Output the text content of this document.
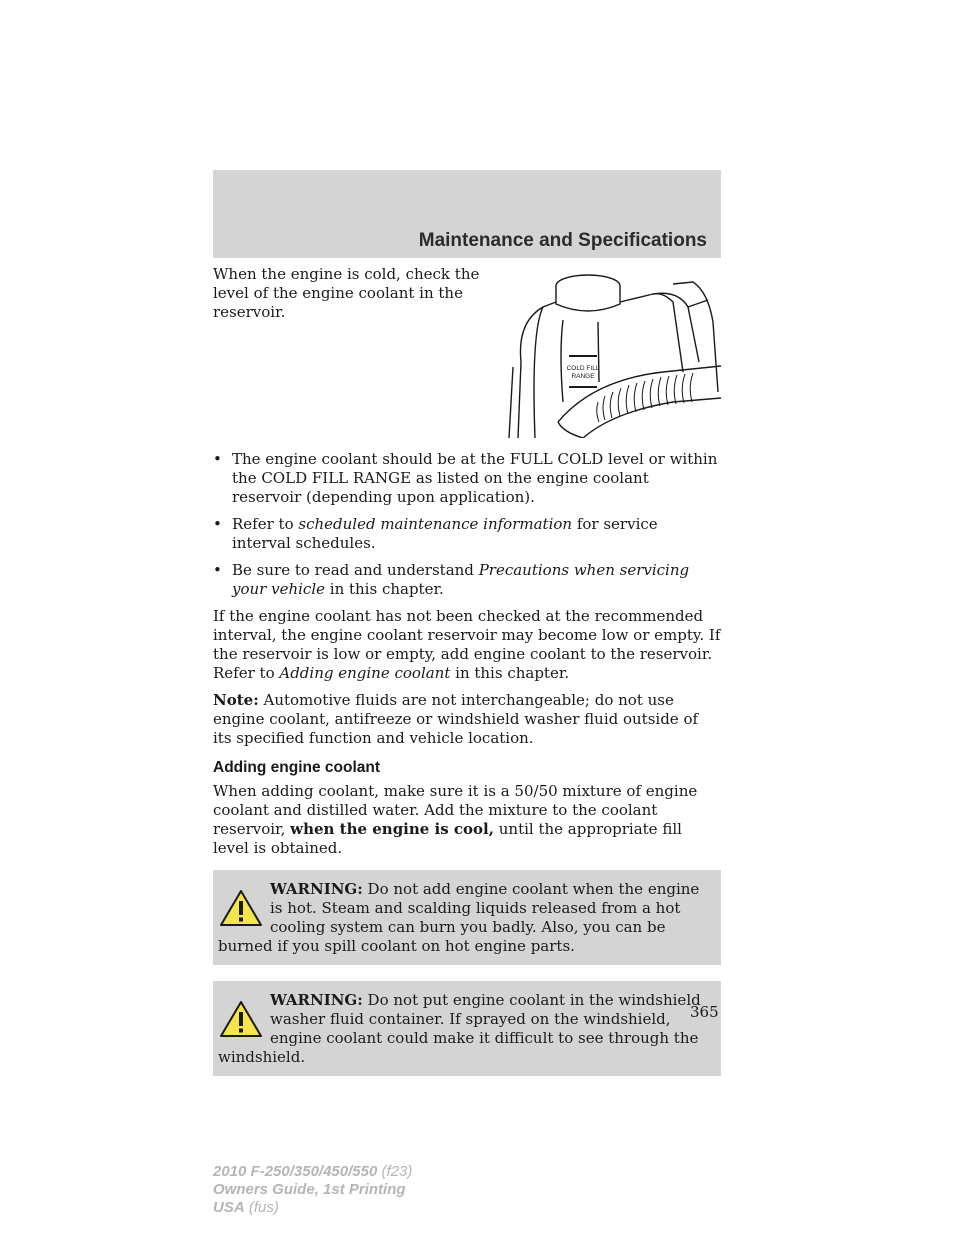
Maintenance and Specifications
When the engine is cold, check the level of the engine coolant in the reservoir.
COLD FILL
RANGE
• The engine coolant should be at the FULL COLD level or within the COLD FILL RANGE as listed on the engine coolant reservoir (depending upon application).
• Refer to scheduled maintenance information for service interval schedules.
• Be sure to read and understand Precautions when servicing your vehicle in this chapter.

If the engine coolant has not been checked at the recommended interval, the engine coolant reservoir may become low or empty. If the reservoir is low or empty, add engine coolant to the reservoir. Refer to Adding engine coolant in this chapter.

Note: Automotive fluids are not interchangeable; do not use engine coolant, antifreeze or windshield washer fluid outside of its specified function and vehicle location.

Adding engine coolant

When adding coolant, make sure it is a 50/50 mixture of engine coolant and distilled water. Add the mixture to the coolant reservoir, when the engine is cool, until the appropriate fill level is obtained.

WARNING: Do not add engine coolant when the engine is hot. Steam and scalding liquids released from a hot cooling system can burn you badly. Also, you can be burned if you spill coolant on hot engine parts.
WARNING: Do not put engine coolant in the windshield washer fluid container. If sprayed on the windshield, engine coolant could make it difficult to see through the windshield.
365
2010 F-250/350/450/550 (f23)
Owners Guide, 1st Printing
USA (fus)
